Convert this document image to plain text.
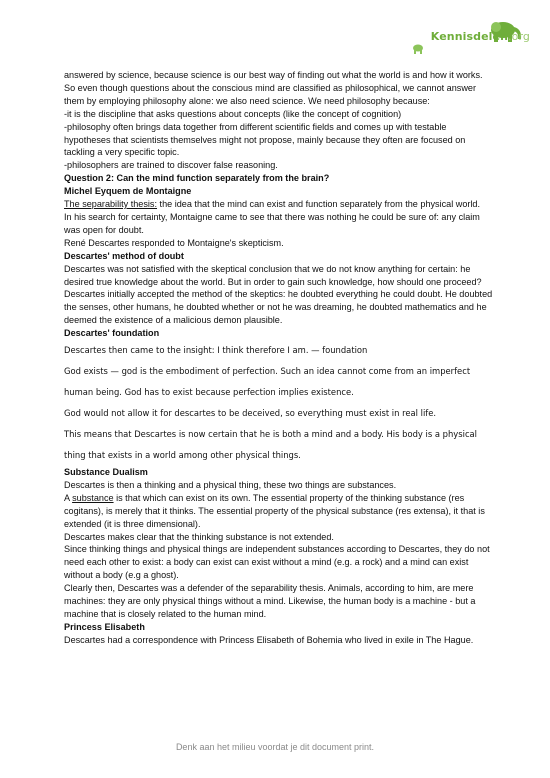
Kennisdelen.org

answered by science, because science is our best way of finding out what the world is and how it works. So even though questions about the conscious mind are classified as philosophical, we cannot answer them by employing philosophy alone: we also need science. We need philosophy because:

-it is the discipline that asks questions about concepts (like the concept of cognition)

-philosophy often brings data together from different scientific fields and comes up with testable hypotheses that scientists themselves might not propose, mainly because they often are focused on tackling a very specific topic.

-philosophers are trained to discover false reasoning.

Question 2: Can the mind function separately from the brain?

Michel Eyquem de Montaigne

The separability thesis: the idea that the mind can exist and function separately from the physical world.

In his search for certainty, Montaigne came to see that there was nothing he could be sure of: any claim was open for doubt.

René Descartes responded to Montaigne's skepticism.

Descartes' method of doubt

Descartes was not satisfied with the skeptical conclusion that we do not know anything for certain: he desired true knowledge about the world. But in order to gain such knowledge, how should one proceed?

Descartes initially accepted the method of the skeptics: he doubted everything he could doubt. He doubted the senses, other humans, he doubted whether or not he was dreaming, he doubted mathematics and he deemed the existence of a malicious demon plausible.

Descartes' foundation

Descartes then came to the insight: I think therefore I am. — foundation

God exists — god is the embodiment of perfection. Such an idea cannot come from an imperfect human being. God has to exist because perfection implies existence.

God would not allow it for descartes to be deceived, so everything must exist in real life.

This means that Descartes is now certain that he is both a mind and a body. His body is a physical thing that exists in a world among other physical things.

Substance Dualism

Descartes is then a thinking and a physical thing, these two things are substances.

A substance is that which can exist on its own. The essential property of the thinking substance (res cogitans), is merely that it thinks. The essential property of the physical substance (res extensa), it that is extended (it is three dimensional).

Descartes makes clear that the thinking substance is not extended.

Since thinking things and physical things are independent substances according to Descartes, they do not need each other to exist: a body can exist can exist without a mind (e.g. a rock) and a mind can exist without a body (e.g a ghost).

Clearly then, Descartes was a defender of the separability thesis. Animals, according to him, are mere machines: they are only physical things without a mind. Likewise, the human body is a machine - but a machine that is closely related to the human mind.

Princess Elisabeth

Descartes had a correspondence with Princess Elisabeth of Bohemia who lived in exile in The Hague.

Denk aan het milieu voordat je dit document print.
